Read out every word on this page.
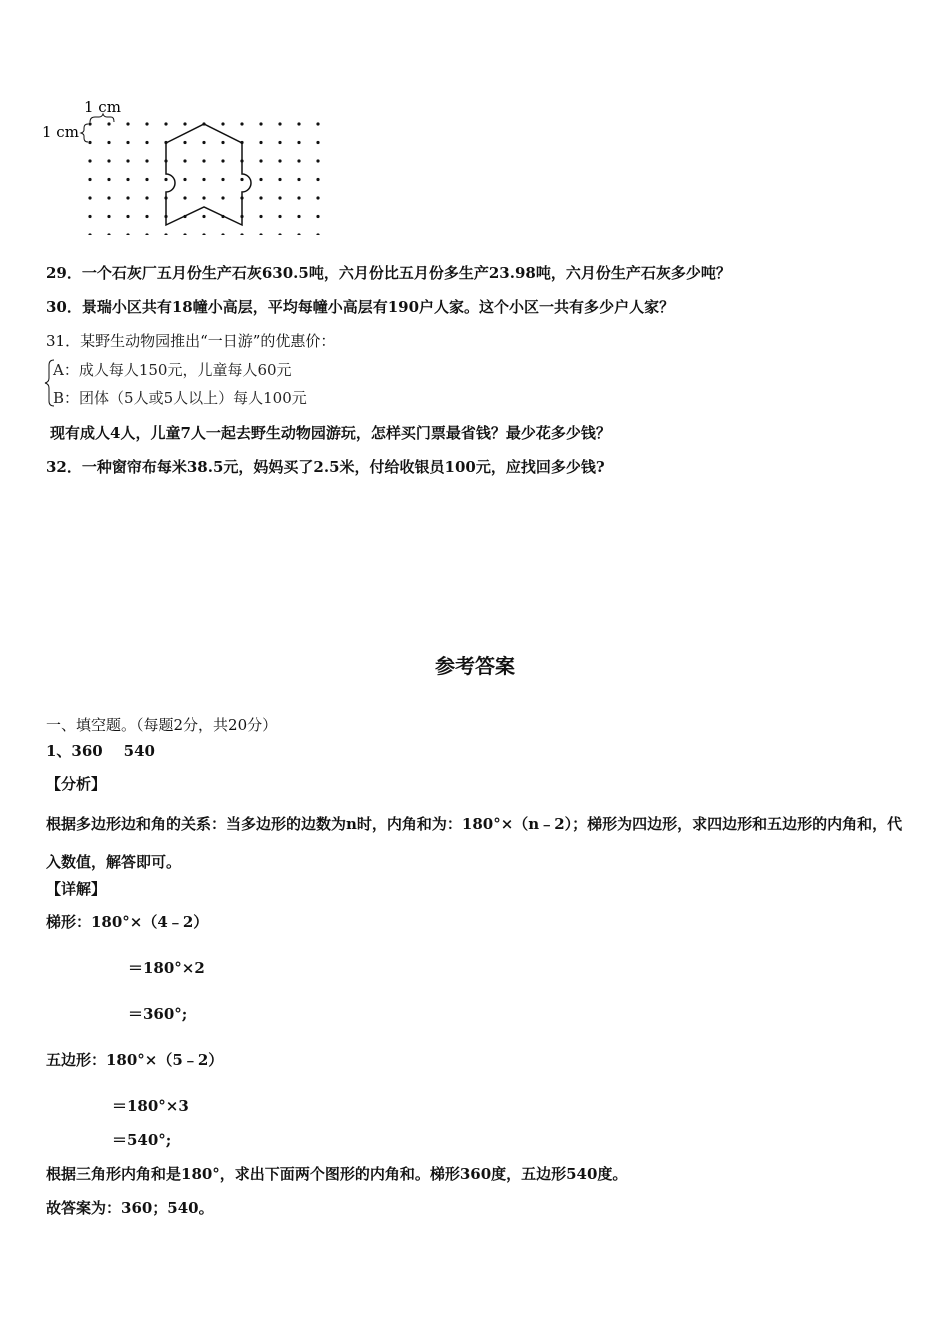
1 cm
1 cm
29．一个石灰厂五月份生产石灰630.5吨，六月份比五月份多生产23.98吨，六月份生产石灰多少吨？
30．景瑞小区共有18幢小高层，平均每幢小高层有190户人家。这个小区一共有多少户人家？
31．某野生动物园推出“一日游”的优惠价：
A：成人每人150元，儿童每人60元
B：团体（5人或5人以上）每人100元
现有成人4人，儿童7人一起去野生动物园游玩，怎样买门票最省钱？最少花多少钱？
32．一种窗帘布每米38.5元，妈妈买了2.5米，付给收银员100元，应找回多少钱?
参考答案
一、填空题。（每题2分，共20分）
1、360    540
【分析】
根据多边形边和角的关系：当多边形的边数为n时，内角和为：180°×（n﹣2）；梯形为四边形，求四边形和五边形的内角和，代入数值，解答即可。
【详解】
梯形：180°×（4﹣2）
＝180°×2
＝360°;
五边形：180°×（5﹣2）
＝180°×3
＝540°;
根据三角形内角和是180°，求出下面两个图形的内角和。梯形360度，五边形540度。
故答案为：360；540。
